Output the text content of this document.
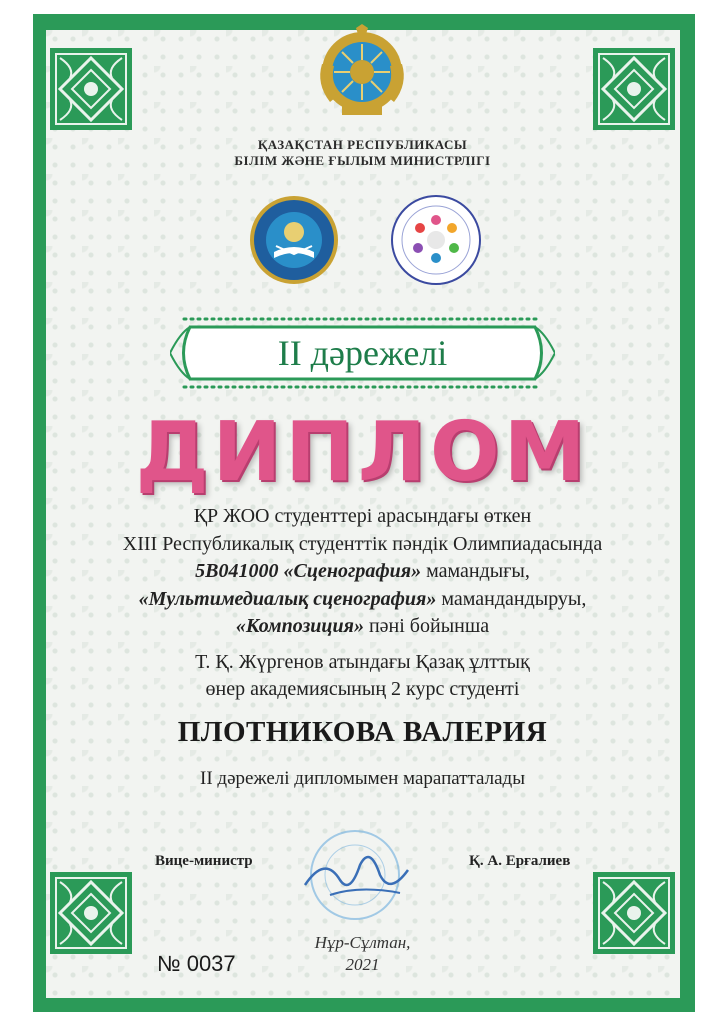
ҚАЗАҚСТАН РЕСПУБЛИКАСЫ
БІЛІМ ЖӘНЕ ҒЫЛЫМ МИНИСТРЛІГІ
II дәрежелі
ДИПЛОМ
ҚР ЖОО студенттері арасындағы өткен
XIII Республикалық студенттік пәндік Олимпиадасында
5В041000 «Сценография» мамандығы,
«Мультимедиалық сценография» мамандандыруы,
«Композиция» пәні бойынша
Т. Қ. Жүргенов атындағы Қазақ ұлттық
өнер академиясының 2 курс студенті
ПЛОТНИКОВА ВАЛЕРИЯ
II дәрежелі дипломымен марапатталады
Вице-министр	Қ. А. Ерғалиев
Нұр-Сұлтан,
2021
№ 0037
